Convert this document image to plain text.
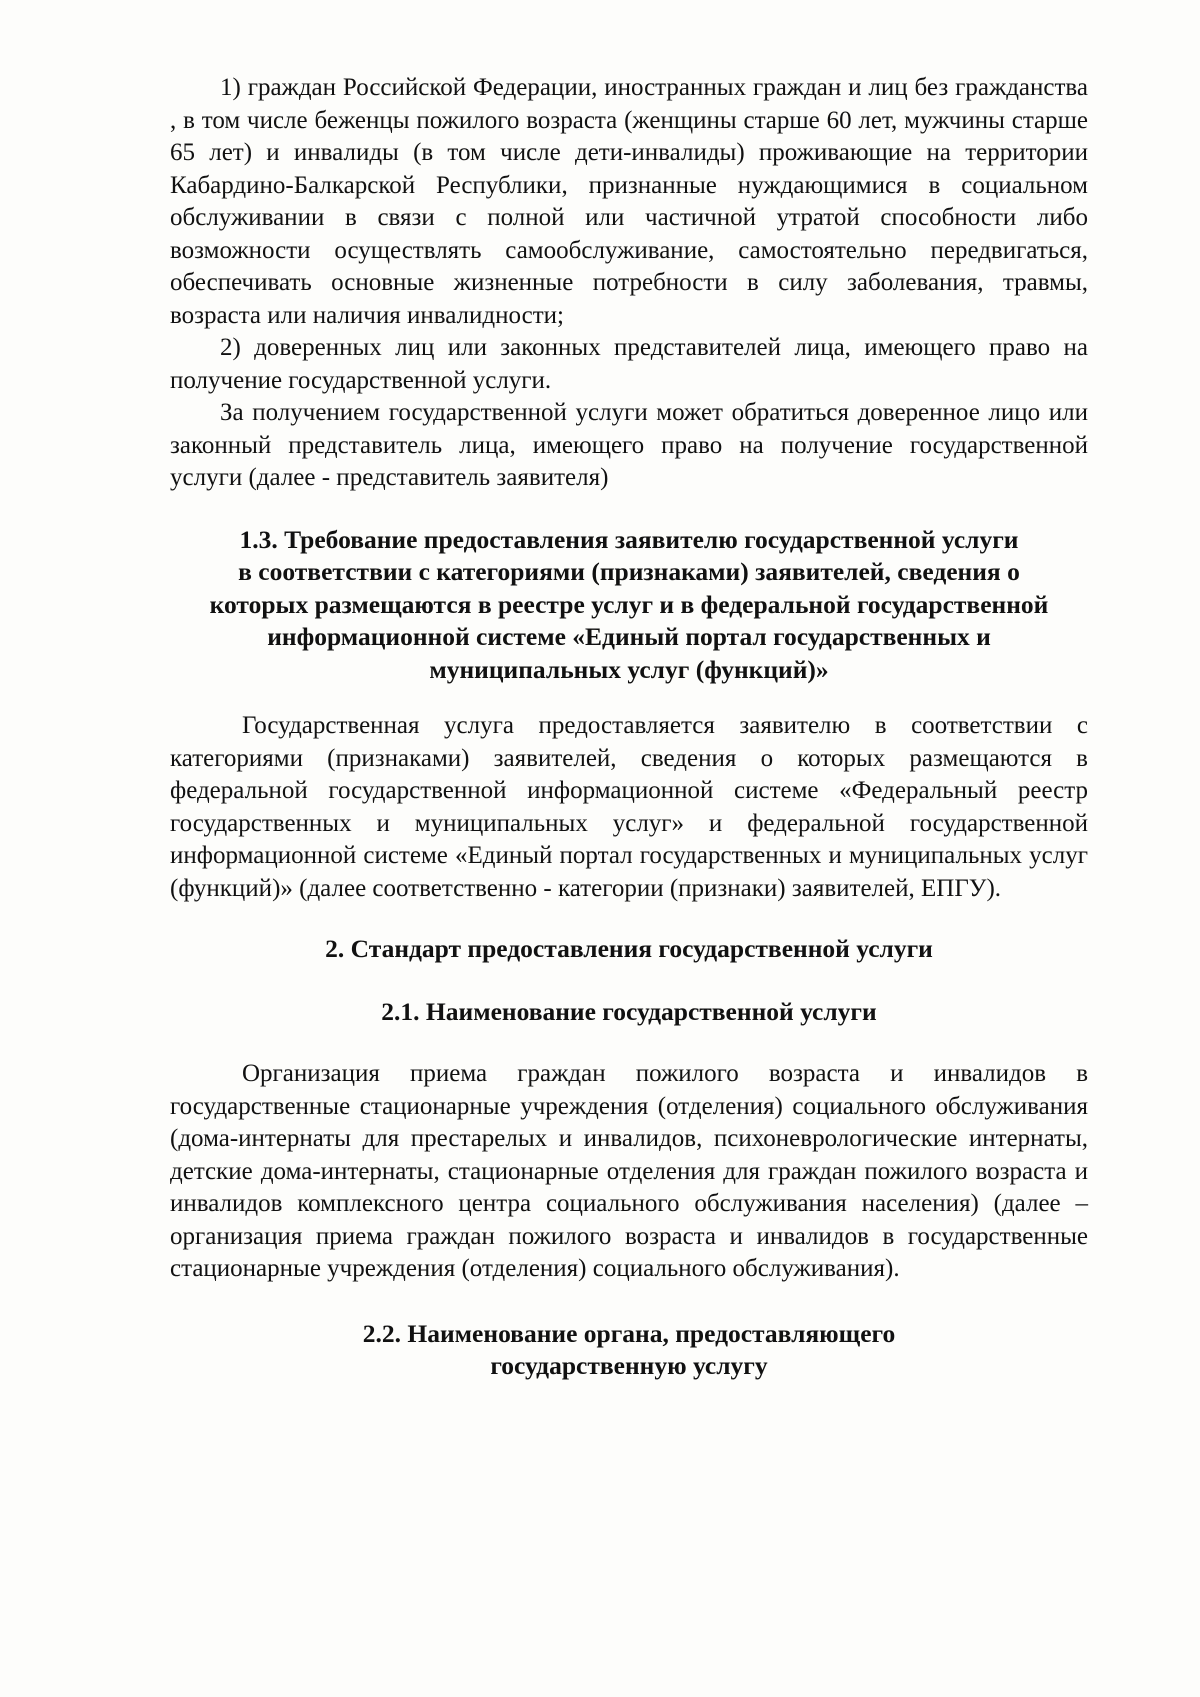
1) граждан Российской Федерации, иностранных граждан и лиц без гражданства , в том числе беженцы пожилого возраста (женщины старше 60 лет, мужчины старше 65 лет) и инвалиды (в том числе дети-инвалиды) проживающие на территории Кабардино-Балкарской Республики, признанные нуждающимися в социальном обслуживании в связи с полной или частичной утратой способности либо возможности осуществлять самообслуживание, самостоятельно передвигаться, обеспечивать основные жизненные потребности в силу заболевания, травмы, возраста или наличия инвалидности;

2) доверенных лиц или законных представителей лица, имеющего право на получение государственной услуги.

За получением государственной услуги может обратиться доверенное лицо или законный представитель лица, имеющего право на получение государственной услуги (далее - представитель заявителя)

1.3. Требование предоставления заявителю государственной услуги
в соответствии с категориями (признаками) заявителей, сведения о
которых размещаются в реестре услуг и в федеральной государственной
информационной системе «Единый портал государственных и
муниципальных услуг (функций)»

Государственная услуга предоставляется заявителю в соответствии с категориями (признаками) заявителей, сведения о которых размещаются в федеральной государственной информационной системе «Федеральный реестр государственных и муниципальных услуг» и федеральной государственной информационной системе «Единый портал государственных и муниципальных услуг (функций)» (далее соответственно - категории (признаки) заявителей, ЕПГУ).

2. Стандарт предоставления государственной услуги
2.1. Наименование государственной услуги

Организация приема граждан пожилого возраста и инвалидов в государственные стационарные учреждения (отделения) социального обслуживания (дома-интернаты для престарелых и инвалидов, психоневрологические интернаты, детские дома-интернаты, стационарные отделения для граждан пожилого возраста и инвалидов комплексного центра социального обслуживания населения) (далее – организация приема граждан пожилого возраста и инвалидов в государственные стационарные учреждения (отделения) социального обслуживания).

2.2. Наименование органа, предоставляющего
государственную услугу
